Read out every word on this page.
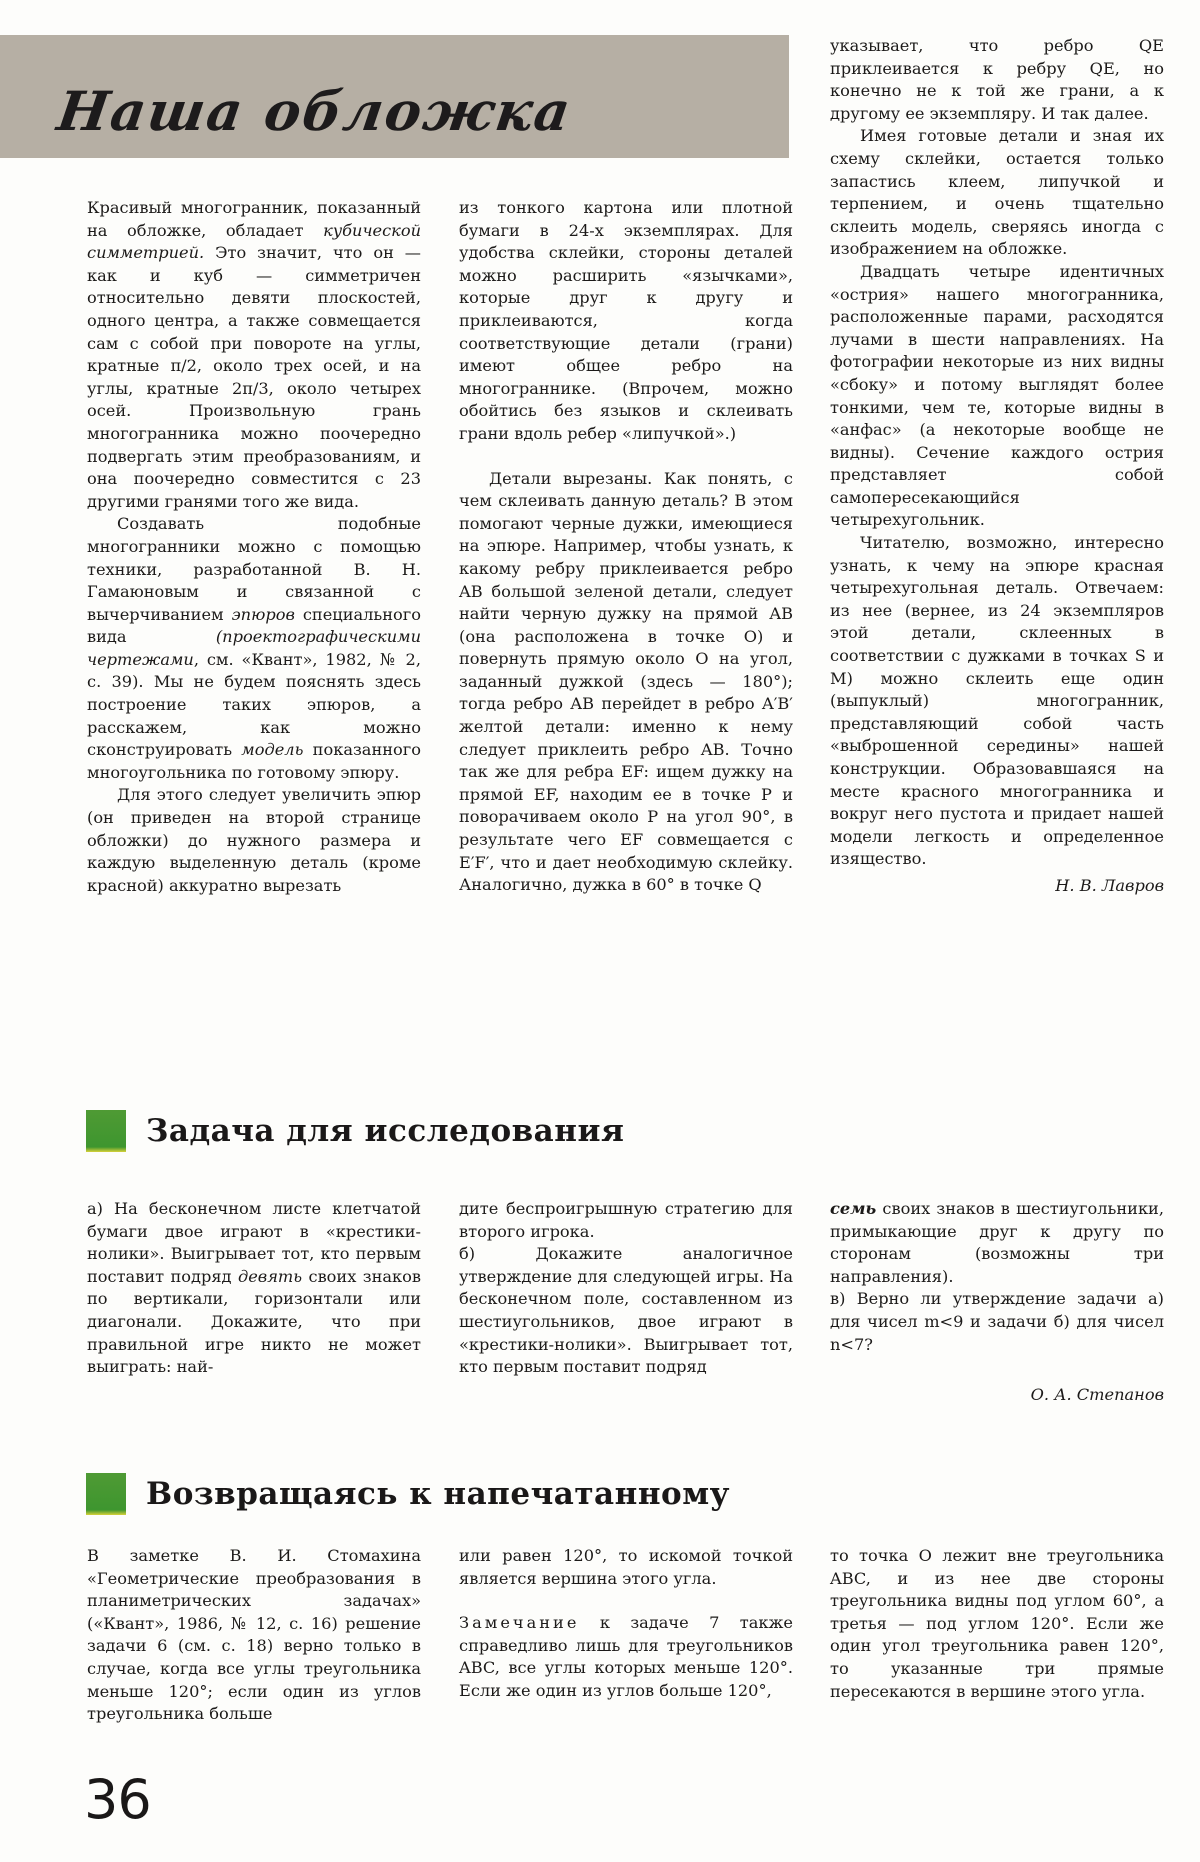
Наша обложка

Красивый многогранник, показанный на обложке, обладает кубической симметрией. Это значит, что он — как и куб — симметричен относительно девяти плоскостей, одного центра, а также совмещается сам с собой при повороте на углы, кратные π/2, около трех осей, и на углы, кратные 2π/3, около четырех осей. Произвольную грань многогранника можно поочередно подвергать этим преобразованиям, и она поочередно совместится с 23 другими гранями того же вида.

Создавать подобные многогранники можно с помощью техники, разработанной В. Н. Гамаюновым и связанной с вычерчиванием эпюров специального вида (проектографическими чертежами, см. «Квант», 1982, № 2, с. 39). Мы не будем пояснять здесь построение таких эпюров, а расскажем, как можно сконструировать модель показанного многоугольника по готовому эпюру.

Для этого следует увеличить эпюр (он приведен на второй странице обложки) до нужного размера и каждую выделенную деталь (кроме красной) аккуратно вырезать

из тонкого картона или плотной бумаги в 24-х экземплярах. Для удобства склейки, стороны деталей можно расширить «язычками», которые друг к другу и приклеиваются, когда соответствующие детали (грани) имеют общее ребро на многограннике. (Впрочем, можно обойтись без языков и склеивать грани вдоль ребер «липучкой».)

Детали вырезаны. Как понять, с чем склеивать данную деталь? В этом помогают черные дужки, имеющиеся на эпюре. Например, чтобы узнать, к какому ребру приклеивается ребро AB большой зеленой детали, следует найти черную дужку на прямой AB (она расположена в точке O) и повернуть прямую около O на угол, заданный дужкой (здесь — 180°); тогда ребро AB перейдет в ребро A′B′ желтой детали: именно к нему следует приклеить ребро AB. Точно так же для ребра EF: ищем дужку на прямой EF, находим ее в точке P и поворачиваем около P на угол 90°, в результате чего EF совмещается с E′F′, что и дает необходимую склейку. Аналогично, дужка в 60° в точке Q

указывает, что ребро QE приклеивается к ребру QE, но конечно не к той же грани, а к другому ее экземпляру. И так далее.

Имея готовые детали и зная их схему склейки, остается только запастись клеем, липучкой и терпением, и очень тщательно склеить модель, сверяясь иногда с изображением на обложке.

Двадцать четыре идентичных «острия» нашего многогранника, расположенные парами, расходятся лучами в шести направлениях. На фотографии некоторые из них видны «сбоку» и потому выглядят более тонкими, чем те, которые видны в «анфас» (а некоторые вообще не видны). Сечение каждого острия представляет собой самопересекающийся четырехугольник.

Читателю, возможно, интересно узнать, к чему на эпюре красная четырехугольная деталь. Отвечаем: из нее (вернее, из 24 экземпляров этой детали, склеенных в соответствии с дужками в точках S и M) можно склеить еще один (выпуклый) многогранник, представляющий собой часть «выброшенной середины» нашей конструкции. Образовавшаяся на месте красного многогранника и вокруг него пустота и придает нашей модели легкость и определенное изящество.

Н. В. Лавров

Задача для исследования

а) На бесконечном листе клетчатой бумаги двое играют в «крестики-нолики». Выигрывает тот, кто первым поставит подряд девять своих знаков по вертикали, горизонтали или диагонали. Докажите, что при правильной игре никто не может выиграть: най-

дите беспроигрышную стратегию для второго игрока.

б) Докажите аналогичное утверждение для следующей игры. На бесконечном поле, составленном из шестиугольников, двое играют в «крестики-нолики». Выигрывает тот, кто первым поставит подряд

семь своих знаков в шестиугольники, примыкающие друг к другу по сторонам (возможны три направления).

в) Верно ли утверждение задачи а) для чисел m<9 и задачи б) для чисел n<7?

О. А. Степанов

Возвращаясь к напечатанному

В заметке В. И. Стомахина «Геометрические преобразования в планиметрических задачах» («Квант», 1986, № 12, с. 16) решение задачи 6 (см. с. 18) верно только в случае, когда все углы треугольника меньше 120°; если один из углов треугольника больше

или равен 120°, то искомой точкой является вершина этого угла.

Замечание к задаче 7 также справедливо лишь для треугольников ABC, все углы которых меньше 120°. Если же один из углов больше 120°,

то точка O лежит вне треугольника ABC, и из нее две стороны треугольника видны под углом 60°, а третья — под углом 120°. Если же один угол треугольника равен 120°, то указанные три прямые пересекаются в вершине этого угла.

36
